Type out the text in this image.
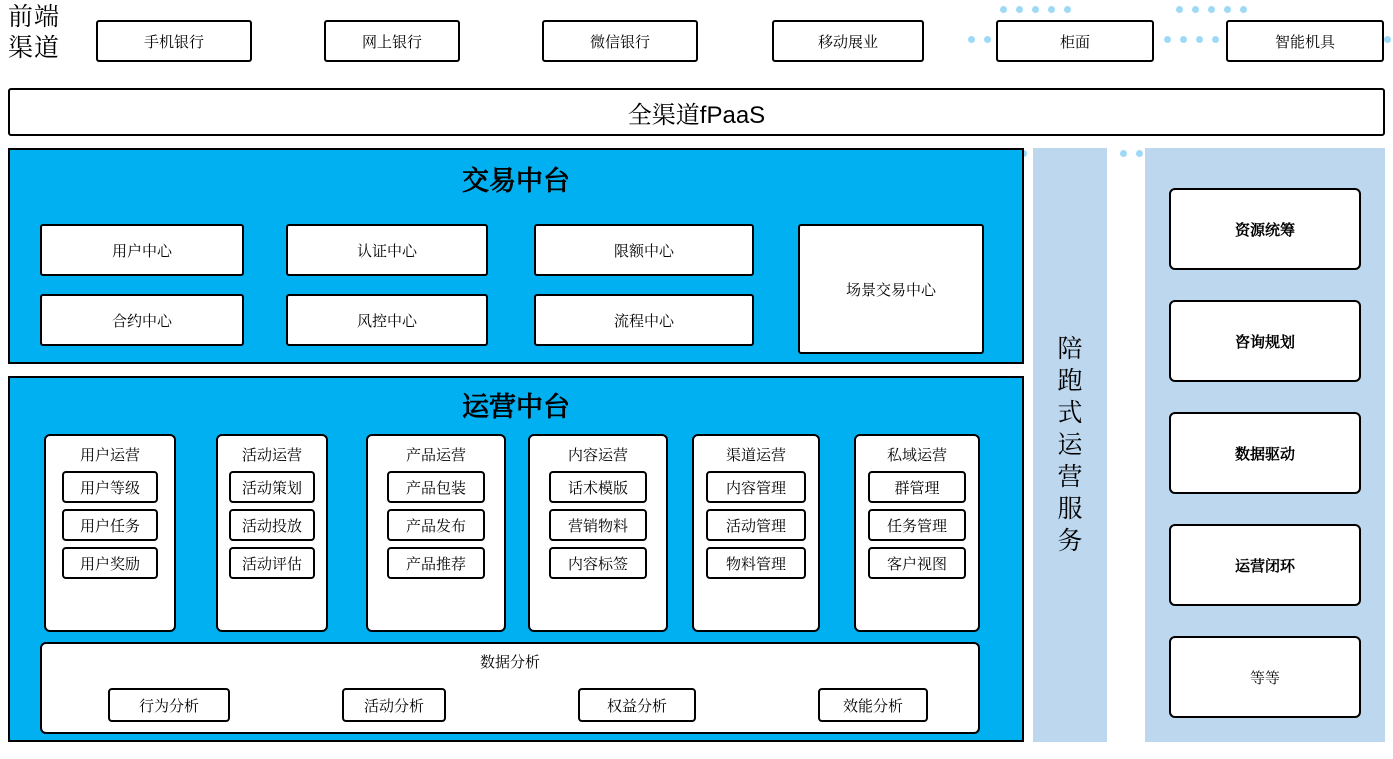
前端
渠道	手机银行	网上银行	微信银行	移动展业	柜面	智能机具
全渠道fPaaS
交易中台
用户中心	认证中心	限额中心
合约中心	风控中心	流程中心
场景交易中心
运营中台
用户运营
用户等级
用户任务
用户奖励
活动运营
活动策划
活动投放
活动评估
产品运营
产品包装
产品发布
产品推荐
内容运营
话术模版
营销物料
内容标签
渠道运营
内容管理
活动管理
物料管理
私域运营
群管理
任务管理
客户视图
数据分析
行为分析	活动分析	权益分析	效能分析
陪跑式运营服务
资源统筹
咨询规划
数据驱动
运营闭环
等等
